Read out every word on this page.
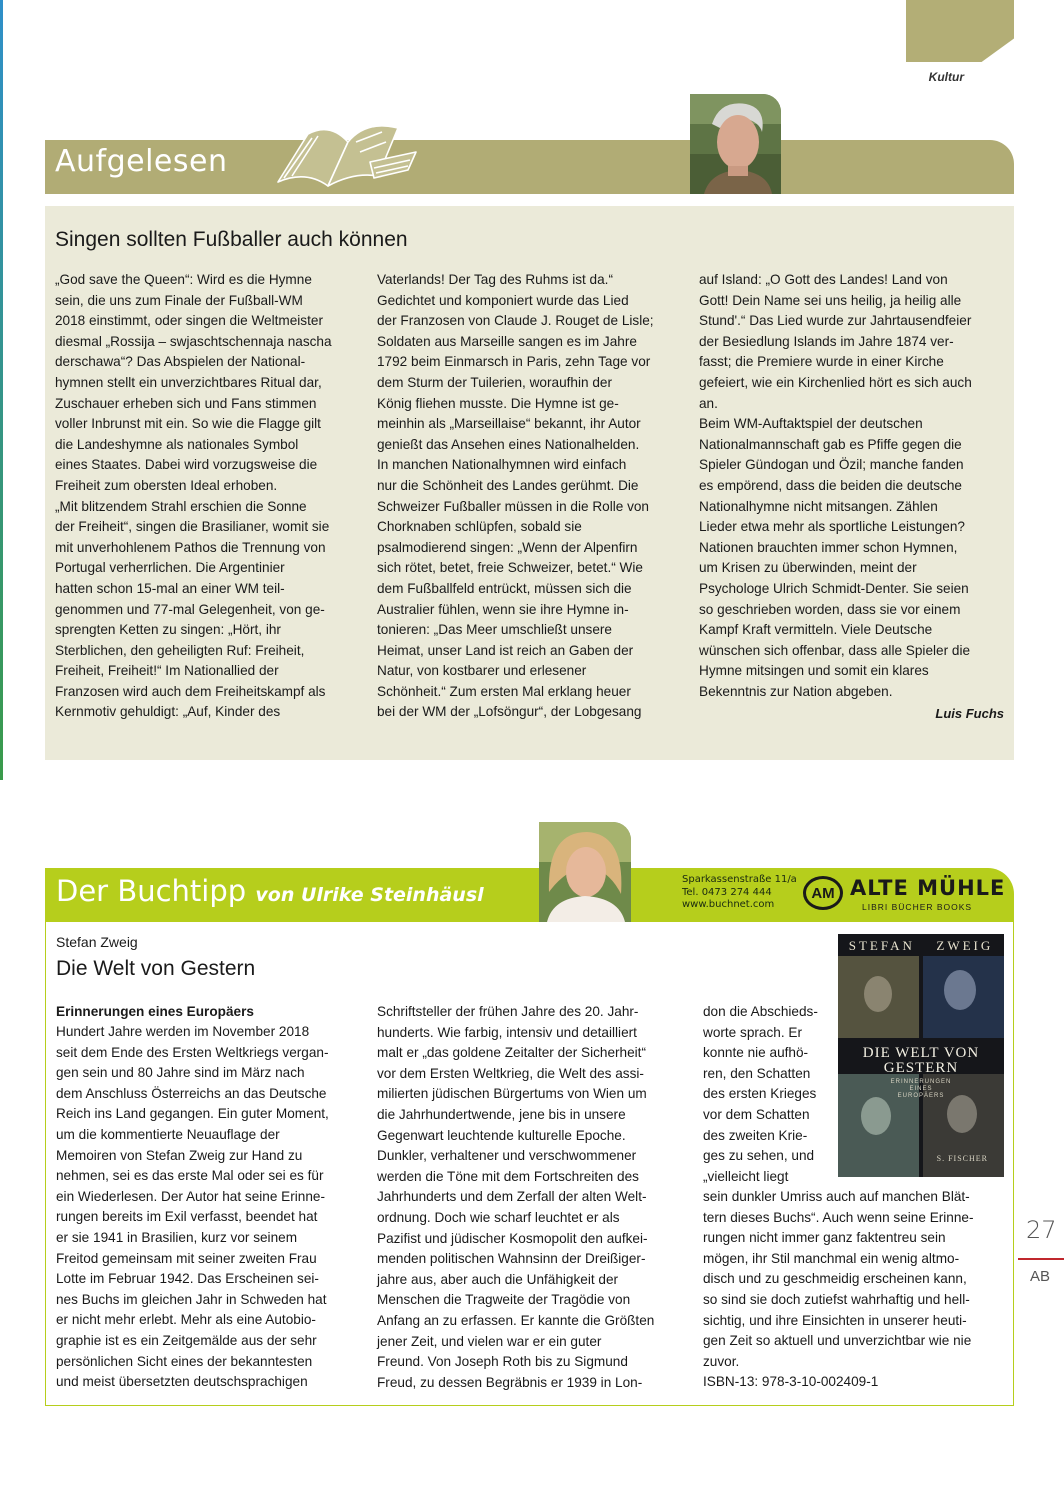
Kultur
Aufgelesen
Singen sollten Fußballer auch können
„God save the Queen“: Wird es die Hymne
sein, die uns zum Finale der Fußball-WM
2018 einstimmt, oder singen die Weltmeister
diesmal „Rossija – swjaschtschennaja nascha
derschawa“? Das Abspielen der National-
hymnen stellt ein unverzichtbares Ritual dar,
Zuschauer erheben sich und Fans stimmen
voller Inbrunst mit ein. So wie die Flagge gilt
die Landeshymne als nationales Symbol
eines Staates. Dabei wird vorzugsweise die
Freiheit zum obersten Ideal erhoben.
„Mit blitzendem Strahl erschien die Sonne
der Freiheit“, singen die Brasilianer, womit sie
mit unverhohlenem Pathos die Trennung von
Portugal verherrlichen. Die Argentinier
hatten schon 15-mal an einer WM teil-
genommen und 77-mal Gelegenheit, von ge-
sprengten Ketten zu singen: „Hört, ihr
Sterblichen, den geheiligten Ruf: Freiheit,
Freiheit, Freiheit!“ Im Nationallied der
Franzosen wird auch dem Freiheitskampf als
Kernmotiv gehuldigt: „Auf, Kinder des
Vaterlands! Der Tag des Ruhms ist da.“
Gedichtet und komponiert wurde das Lied
der Franzosen von Claude J. Rouget de Lisle;
Soldaten aus Marseille sangen es im Jahre
1792 beim Einmarsch in Paris, zehn Tage vor
dem Sturm der Tuilerien, woraufhin der
König fliehen musste. Die Hymne ist ge-
meinhin als „Marseillaise“ bekannt, ihr Autor
genießt das Ansehen eines Nationalhelden.
In manchen Nationalhymnen wird einfach
nur die Schönheit des Landes gerühmt. Die
Schweizer Fußballer müssen in die Rolle von
Chorknaben schlüpfen, sobald sie
psalmodierend singen: „Wenn der Alpenfirn
sich rötet, betet, freie Schweizer, betet.“ Wie
dem Fußballfeld entrückt, müssen sich die
Australier fühlen, wenn sie ihre Hymne in-
tonieren: „Das Meer umschließt unsere
Heimat, unser Land ist reich an Gaben der
Natur, von kostbarer und erlesener
Schönheit.“ Zum ersten Mal erklang heuer
bei der WM der „Lofsöngur“, der Lobgesang
auf Island: „O Gott des Landes! Land von
Gott! Dein Name sei uns heilig, ja heilig alle
Stund'.“ Das Lied wurde zur Jahrtausendfeier
der Besiedlung Islands im Jahre 1874 ver-
fasst; die Premiere wurde in einer Kirche
gefeiert, wie ein Kirchenlied hört es sich auch
an.
Beim WM-Auftaktspiel der deutschen
Nationalmannschaft gab es Pfiffe gegen die
Spieler Gündogan und Özil; manche fanden
es empörend, dass die beiden die deutsche
Nationalhymne nicht mitsangen. Zählen
Lieder etwa mehr als sportliche Leistungen?
Nationen brauchten immer schon Hymnen,
um Krisen zu überwinden, meint der
Psychologe Ulrich Schmidt-Denter. Sie seien
so geschrieben worden, dass sie vor einem
Kampf Kraft vermitteln. Viele Deutsche
wünschen sich offenbar, dass alle Spieler die
Hymne mitsingen und somit ein klares
Bekenntnis zur Nation abgeben.
Luis Fuchs
Der Buchtipp von Ulrike Steinhäusl
Sparkassenstraße 11/a
Tel. 0473 274 444
www.buchnet.com
AM ALTE MÜHLE
LIBRI BÜCHER BOOKS
Stefan Zweig
Die Welt von Gestern
Erinnerungen eines Europäers
Hundert Jahre werden im November 2018
seit dem Ende des Ersten Weltkriegs vergan-
gen sein und 80 Jahre sind im März nach
dem Anschluss Österreichs an das Deutsche
Reich ins Land gegangen. Ein guter Moment,
um die kommentierte Neuauflage der
Memoiren von Stefan Zweig zur Hand zu
nehmen, sei es das erste Mal oder sei es für
ein Wiederlesen. Der Autor hat seine Erinne-
rungen bereits im Exil verfasst, beendet hat
er sie 1941 in Brasilien, kurz vor seinem
Freitod gemeinsam mit seiner zweiten Frau
Lotte im Februar 1942. Das Erscheinen sei-
nes Buchs im gleichen Jahr in Schweden hat
er nicht mehr erlebt. Mehr als eine Autobio-
graphie ist es ein Zeitgemälde aus der sehr
persönlichen Sicht eines der bekanntesten
und meist übersetzten deutschsprachigen
Schriftsteller der frühen Jahre des 20. Jahr-
hunderts. Wie farbig, intensiv und detailliert
malt er „das goldene Zeitalter der Sicherheit“
vor dem Ersten Weltkrieg, die Welt des assi-
milierten jüdischen Bürgertums von Wien um
die Jahrhundertwende, jene bis in unsere
Gegenwart leuchtende kulturelle Epoche.
Dunkler, verhaltener und verschwommener
werden die Töne mit dem Fortschreiten des
Jahrhunderts und dem Zerfall der alten Welt-
ordnung. Doch wie scharf leuchtet er als
Pazifist und jüdischer Kosmopolit den aufkei-
menden politischen Wahnsinn der Dreißiger-
jahre aus, aber auch die Unfähigkeit der
Menschen die Tragweite der Tragödie von
Anfang an zu erfassen. Er kannte die Größten
jener Zeit, und vielen war er ein guter
Freund. Von Joseph Roth bis zu Sigmund
Freud, zu dessen Begräbnis er 1939 in Lon-
don die Abschieds-
worte sprach. Er
konnte nie aufhö-
ren, den Schatten
des ersten Krieges
vor dem Schatten
des zweiten Krie-
ges zu sehen, und
„vielleicht liegt
sein dunkler Umriss auch auf manchen Blät-
tern dieses Buchs“. Auch wenn seine Erinne-
rungen nicht immer ganz faktentreu sein
mögen, ihr Stil manchmal ein wenig altmo-
disch und zu geschmeidig erscheinen kann,
so sind sie doch zutiefst wahrhaftig und hell-
sichtig, und ihre Einsichten in unserer heuti-
gen Zeit so aktuell und unverzichtbar wie nie
zuvor.
ISBN-13: 978-3-10-002409-1
STEFAN ZWEIG
DIE WELT VON
GESTERN
ERINNERUNGEN
EINES
EUROPÄERS
S. FISCHER
27
AB
